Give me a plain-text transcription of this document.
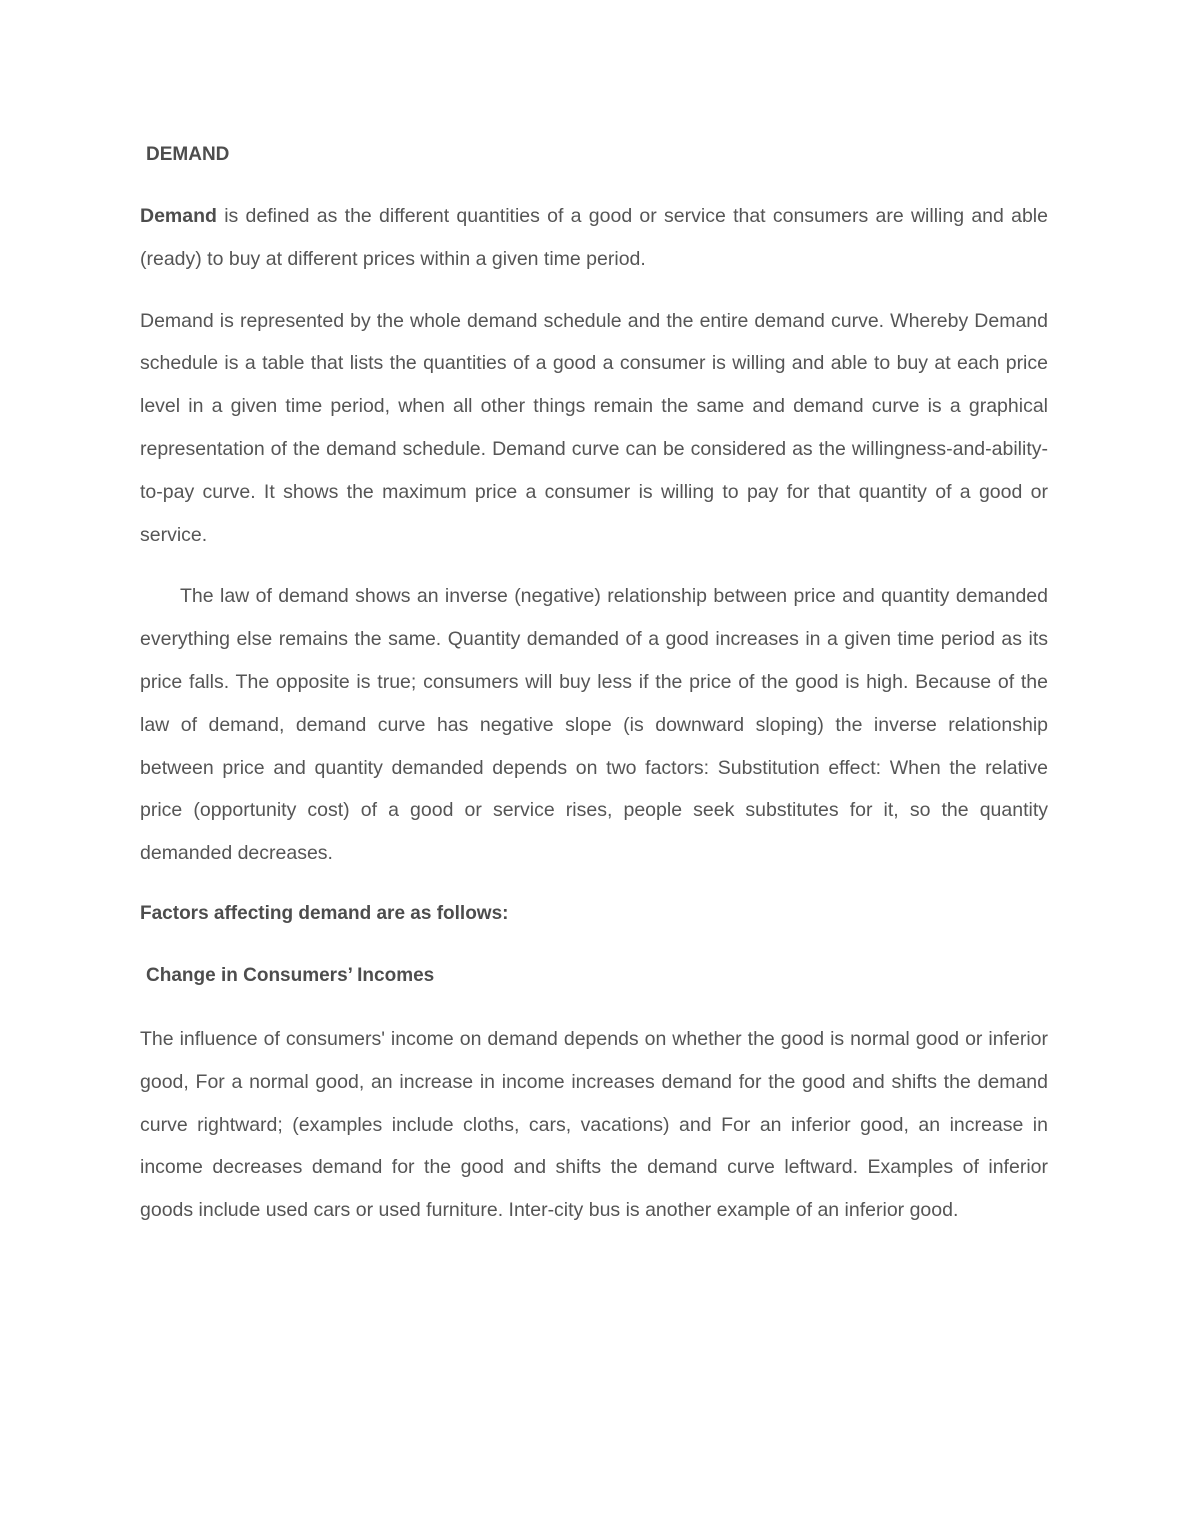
DEMAND

Demand is defined as the different quantities of a good or service that consumers are willing and able (ready) to buy at different prices within a given time period.

Demand is represented by the whole demand schedule and the entire demand curve. Whereby Demand schedule is a table that lists the quantities of a good a consumer is willing and able to buy at each price level in a given time period, when all other things remain the same and demand curve is a graphical representation of the demand schedule. Demand curve can be considered as the willingness-and-ability-to-pay curve. It shows the maximum price a consumer is willing to pay for that quantity of a good or service.

The law of demand shows an inverse (negative) relationship between price and quantity demanded everything else remains the same. Quantity demanded of a good increases in a given time period as its price falls. The opposite is true; consumers will buy less if the price of the good is high. Because of the law of demand, demand curve has negative slope (is downward sloping) the inverse relationship between price and quantity demanded depends on two factors: Substitution effect: When the relative price (opportunity cost) of a good or service rises, people seek substitutes for it, so the quantity demanded decreases.

Factors affecting demand are as follows:
Change in Consumers’ Incomes

The influence of consumers' income on demand depends on whether the good is normal good or inferior good, For a normal good, an increase in income increases demand for the good and shifts the demand curve rightward; (examples include cloths, cars, vacations) and For an inferior good, an increase in income decreases demand for the good and shifts the demand curve leftward. Examples of inferior goods include used cars or used furniture. Inter-city bus is another example of an inferior good.
